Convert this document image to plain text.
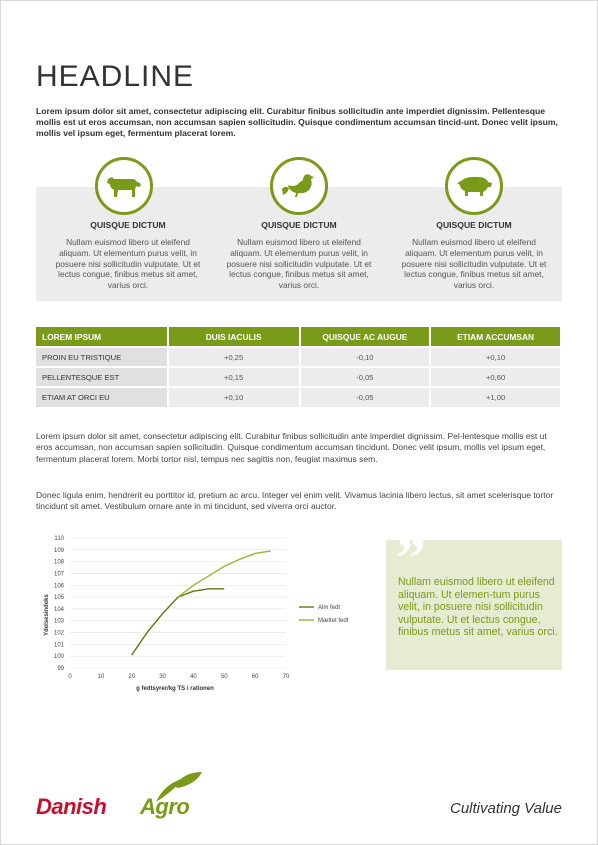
HEADLINE

Lorem ipsum dolor sit amet, consectetur adipiscing elit. Curabitur finibus sollicitudin ante imperdiet dignissim. Pellentesque mollis est ut eros accumsan, non accumsan sapien sollicitudin. Quisque condimentum accumsan tincid-unt. Donec velit ipsum, mollis vel ipsum eget, fermentum placerat lorem.

QUISQUE DICTUM
Nullam euismod libero ut eleifend aliquam. Ut elementum purus velit, in posuere nisi sollicitudin vulputate. Ut et lectus congue, finibus metus sit amet, varius orci.
QUISQUE DICTUM
Nullam euismod libero ut eleifend aliquam. Ut elementum purus velit, in posuere nisi sollicitudin vulputate. Ut et lectus congue, finibus metus sit amet, varius orci.
QUISQUE DICTUM
Nullam euismod libero ut eleifend aliquam. Ut elementum purus velit, in posuere nisi sollicitudin vulputate. Ut et lectus congue, finibus metus sit amet, varius orci.
LOREM IPSUM	DUIS IACULIS	QUISQUE AC AUGUE	ETIAM ACCUMSAN
PROIN EU TRISTIQUE	+0,25	-0,10	+0,10
PELLENTESQUE EST	+0,15	-0,05	+0,60
ETIAM AT ORCI EU	+0,10	-0,05	+1,00

Lorem ipsum dolor sit amet, consectetur adipiscing elit. Curabitur finibus sollicitudin ante imperdiet dignissim. Pel-lentesque mollis est ut eros accumsan, non accumsan sapien sollicitudin. Quisque condimentum accumsan tincidunt. Donec velit ipsum, mollis vel ipsum eget, fermentum placerat lorem. Morbi tortor nisl, tempus nec sagittis non, feugiat maximus sem.

Donec ligula enim, hendrerit eu porttitor id, pretium ac arcu. Integer vel enim velit. Vivamus lacinia libero lectus, sit amet scelerisque tortor tincidunt sit amet. Vestibulum ornare ante in mi tincidunt, sed viverra orci auctor.

99
100
101
102
103
104
105
106
107
108
109
110
0	10	20	30	40	50	60	70
Alm fedt
Mættet fedt
Ydelsesindeks
g fedtsyrer/kg TS i rationen
”

Nullam euismod libero ut eleifend aliquam. Ut elemen-tum purus velit, in posuere nisi sollicitudin vulputate. Ut et lectus congue, finibus metus sit amet, varius orci.

Danish Agro	Cultivating Value
